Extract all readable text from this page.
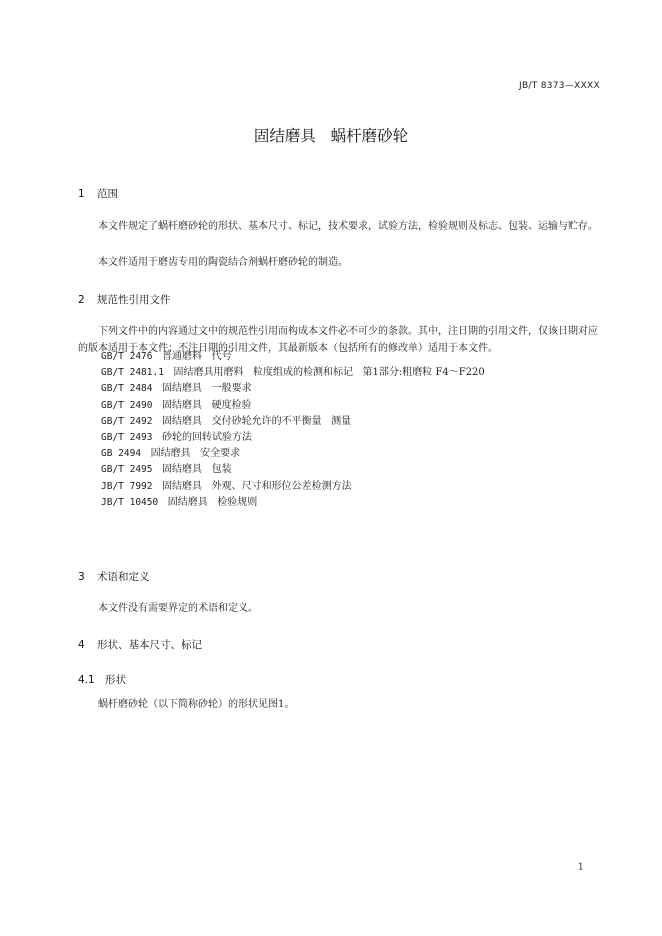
JB/T 8373—XXXX
固结磨具   蜗杆磨砂轮
1 范围

本文件规定了蜗杆磨砂轮的形状、基本尺寸、标记，技术要求，试验方法，检验规则及标志、包装、运输与贮存。

本文件适用于磨齿专用的陶瓷结合剂蜗杆磨砂轮的制造。

2 规范性引用文件

下列文件中的内容通过文中的规范性引用而构成本文件必不可少的条款。其中，注日期的引用文件，仅该日期对应的版本适用于本文件；不注日期的引用文件，其最新版本（包括所有的修改单）适用于本文件。

GB/T 2476 普通磨料   代号
GB/T 2481.1 固结磨具用磨料   粒度组成的检测和标记   第1部分:粗磨粒 F4～F220
GB/T 2484 固结磨具   一般要求
GB/T 2490 固结磨具   硬度检验
GB/T 2492 固结磨具   交付砂轮允许的不平衡量   测量
GB/T 2493 砂轮的回转试验方法
GB 2494 固结磨具   安全要求
GB/T 2495 固结磨具   包装
JB/T 7992 固结磨具   外观、尺寸和形位公差检测方法
JB/T 10450 固结磨具   检验规则
3 术语和定义

本文件没有需要界定的术语和定义。

4 形状、基本尺寸、标记
4.1 形状

蜗杆磨砂轮（以下简称砂轮）的形状见图1。

1
